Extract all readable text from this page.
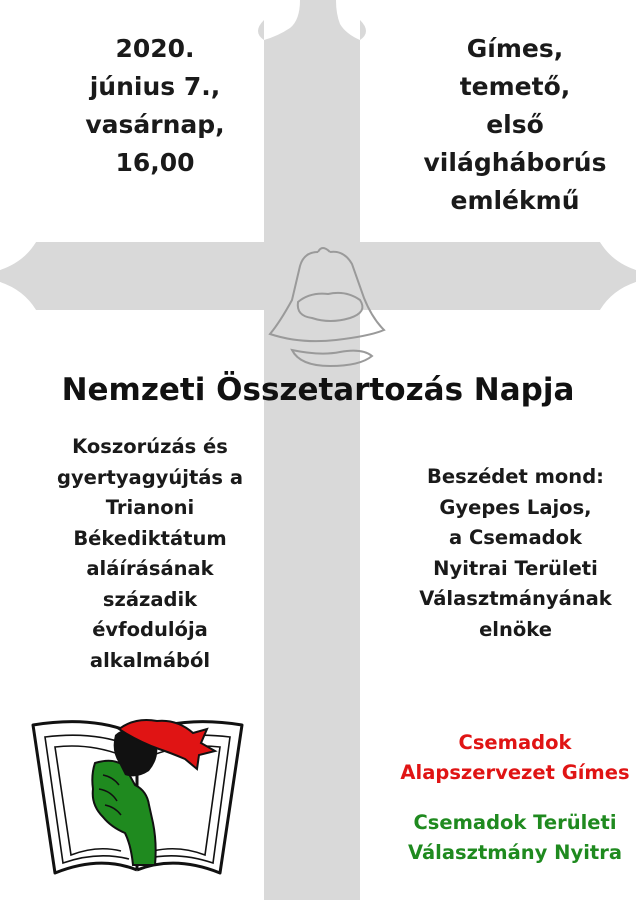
2020.
június 7.,
vasárnap,
16,00
Gímes,
temető,
első
világháborús
emlékmű
Nemzeti Összetartozás Napja
Koszorúzás és
gyertyagyújtás a
Trianoni
Békediktátum
aláírásának
századik
évfodulója
alkalmából
Beszédet mond:
Gyepes Lajos,
a Csemadok
Nyitrai Területi
Választmányának
elnöke
Csemadok
Alapszervezet Gímes
Csemadok Területi
Választmány Nyitra
